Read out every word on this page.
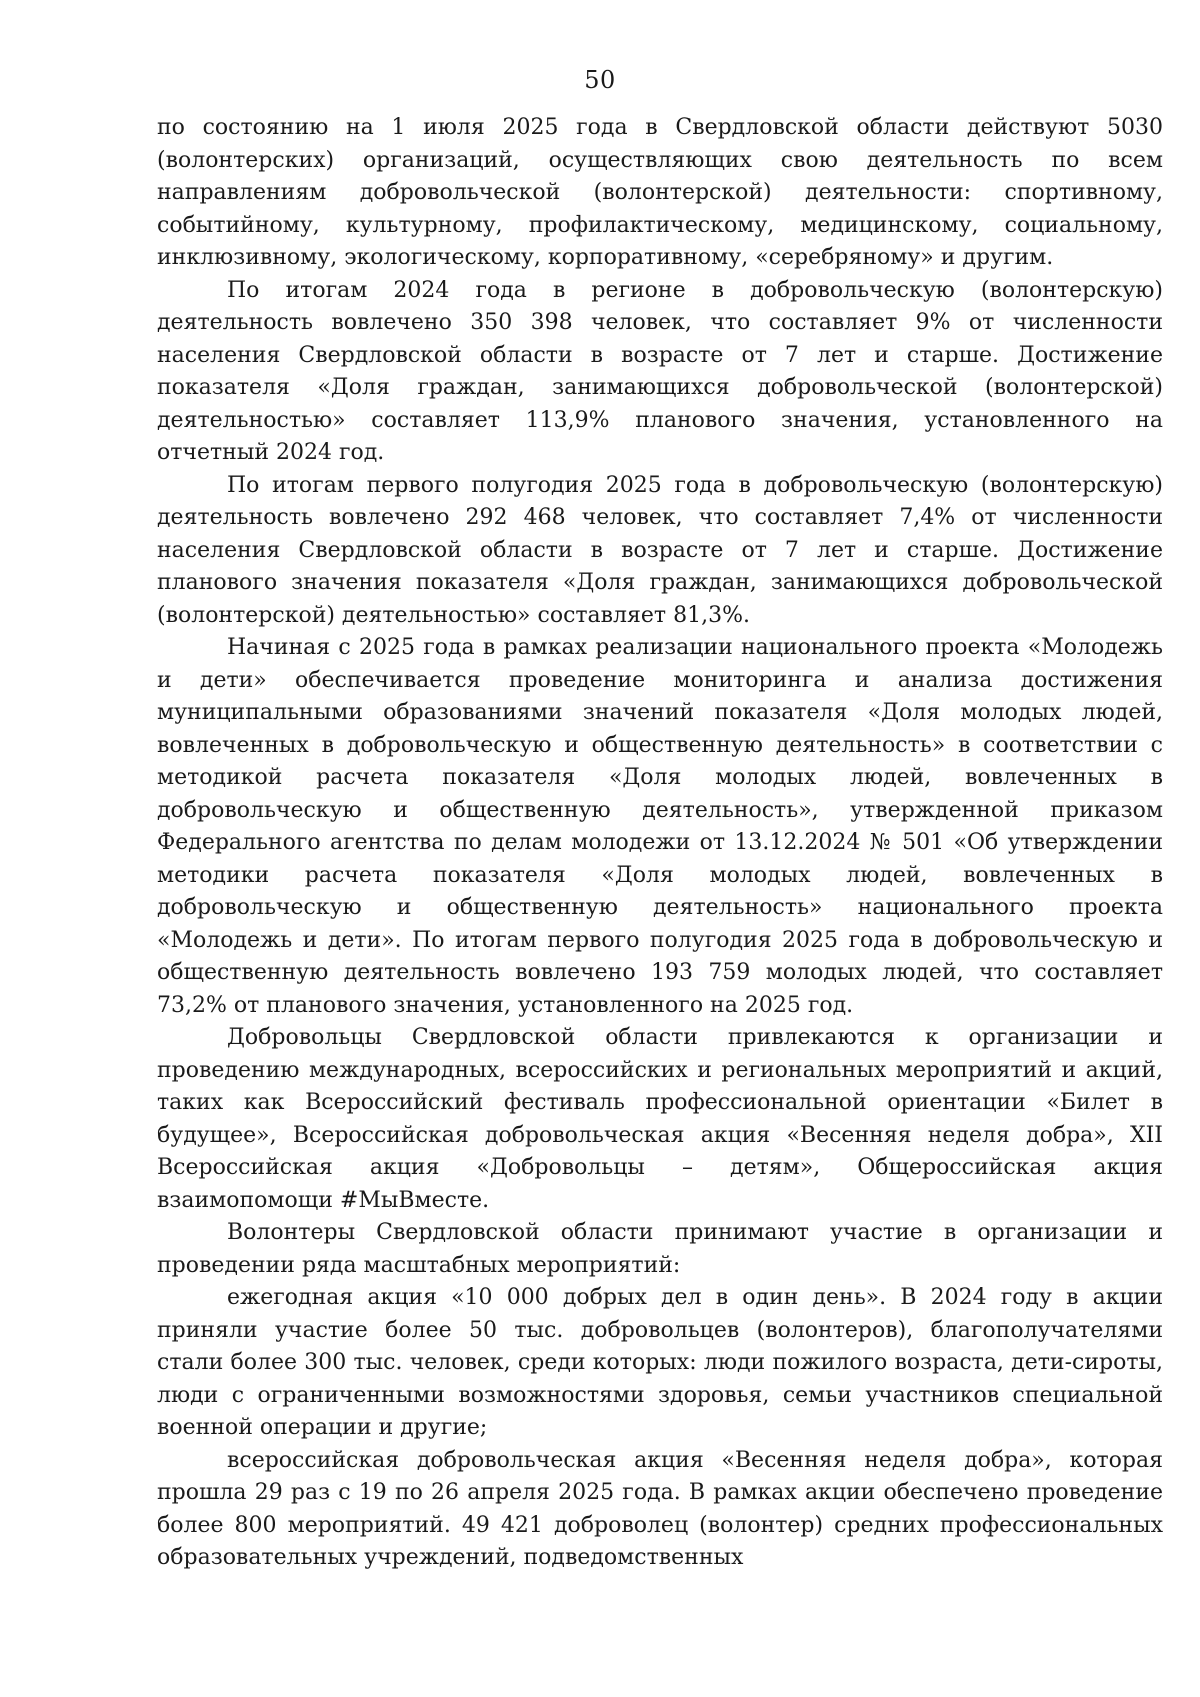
50

по состоянию на 1 июля 2025 года в Свердловской области действуют 5030 (волонтерских) организаций, осуществляющих свою деятельность по всем направлениям добровольческой (волонтерской) деятельности: спортивному, событийному, культурному, профилактическому, медицинскому, социальному, инклюзивному, экологическому, корпоративному, «серебряному» и другим.

По итогам 2024 года в регионе в добровольческую (волонтерскую) деятельность вовлечено 350 398 человек, что составляет 9% от численности населения Свердловской области в возрасте от 7 лет и старше. Достижение показателя «Доля граждан, занимающихся добровольческой (волонтерской) деятельностью» составляет 113,9% планового значения, установленного на отчетный 2024 год.

По итогам первого полугодия 2025 года в добровольческую (волонтерскую) деятельность вовлечено 292 468 человек, что составляет 7,4% от численности населения Свердловской области в возрасте от 7 лет и старше. Достижение планового значения показателя «Доля граждан, занимающихся добровольческой (волонтерской) деятельностью» составляет 81,3%.

Начиная с 2025 года в рамках реализации национального проекта «Молодежь и дети» обеспечивается проведение мониторинга и анализа достижения муниципальными образованиями значений показателя «Доля молодых людей, вовлеченных в добровольческую и общественную деятельность» в соответствии с методикой расчета показателя «Доля молодых людей, вовлеченных в добровольческую и общественную деятельность», утвержденной приказом Федерального агентства по делам молодежи от 13.12.2024 № 501 «Об утверждении методики расчета показателя «Доля молодых людей, вовлеченных в добровольческую и общественную деятельность» национального проекта «Молодежь и дети». По итогам первого полугодия 2025 года в добровольческую и общественную деятельность вовлечено 193 759 молодых людей, что составляет 73,2% от планового значения, установленного на 2025 год.

Добровольцы Свердловской области привлекаются к организации и проведению международных, всероссийских и региональных мероприятий и акций, таких как Всероссийский фестиваль профессиональной ориентации «Билет в будущее», Всероссийская добровольческая акция «Весенняя неделя добра», XII Всероссийская акция «Добровольцы – детям», Общероссийская акция взаимопомощи #МыВместе.

Волонтеры Свердловской области принимают участие в организации и проведении ряда масштабных мероприятий:

ежегодная акция «10 000 добрых дел в один день». В 2024 году в акции приняли участие более 50 тыс. добровольцев (волонтеров), благополучателями стали более 300 тыс. человек, среди которых: люди пожилого возраста, дети-сироты, люди с ограниченными возможностями здоровья, семьи участников специальной военной операции и другие;

всероссийская добровольческая акция «Весенняя неделя добра», которая прошла 29 раз с 19 по 26 апреля 2025 года. В рамках акции обеспечено проведение более 800 мероприятий. 49 421 доброволец (волонтер) средних профессиональных образовательных учреждений, подведомственных
